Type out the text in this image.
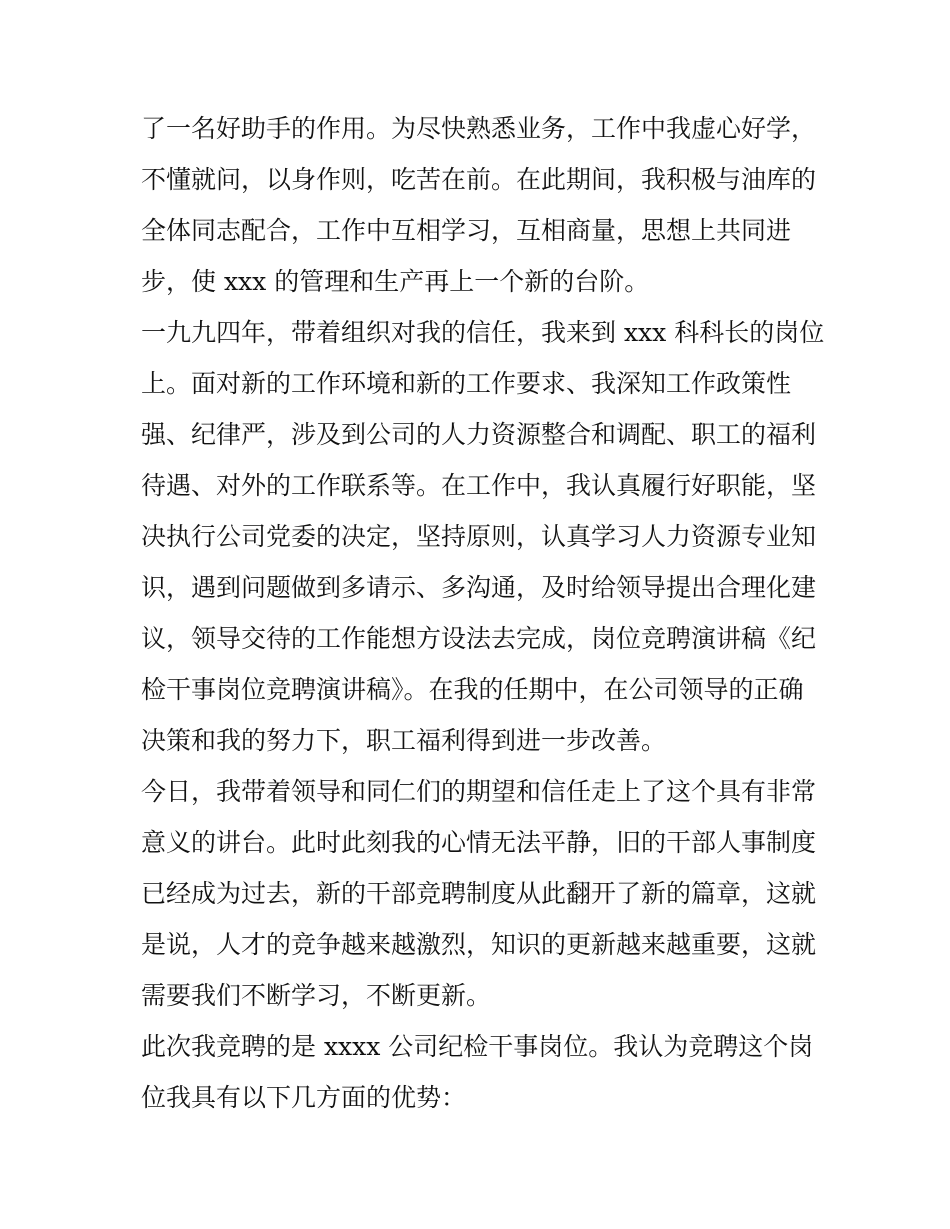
了一名好助手的作用。为尽快熟悉业务，工作中我虚心好学，
不懂就问，以身作则，吃苦在前。在此期间，我积极与油库的
全体同志配合，工作中互相学习，互相商量，思想上共同进
步，使 xxx 的管理和生产再上一个新的台阶。
一九九四年，带着组织对我的信任，我来到 xxx 科科长的岗位
上。面对新的工作环境和新的工作要求、我深知工作政策性
强、纪律严，涉及到公司的人力资源整合和调配、职工的福利
待遇、对外的工作联系等。在工作中，我认真履行好职能，坚
决执行公司党委的决定，坚持原则，认真学习人力资源专业知
识，遇到问题做到多请示、多沟通，及时给领导提出合理化建
议，领导交待的工作能想方设法去完成，岗位竞聘演讲稿《纪
检干事岗位竞聘演讲稿》。在我的任期中，在公司领导的正确
决策和我的努力下，职工福利得到进一步改善。
今日，我带着领导和同仁们的期望和信任走上了这个具有非常
意义的讲台。此时此刻我的心情无法平静，旧的干部人事制度
已经成为过去，新的干部竞聘制度从此翻开了新的篇章，这就
是说，人才的竞争越来越激烈，知识的更新越来越重要，这就
需要我们不断学习，不断更新。
此次我竞聘的是 xxxx 公司纪检干事岗位。我认为竞聘这个岗
位我具有以下几方面的优势：
